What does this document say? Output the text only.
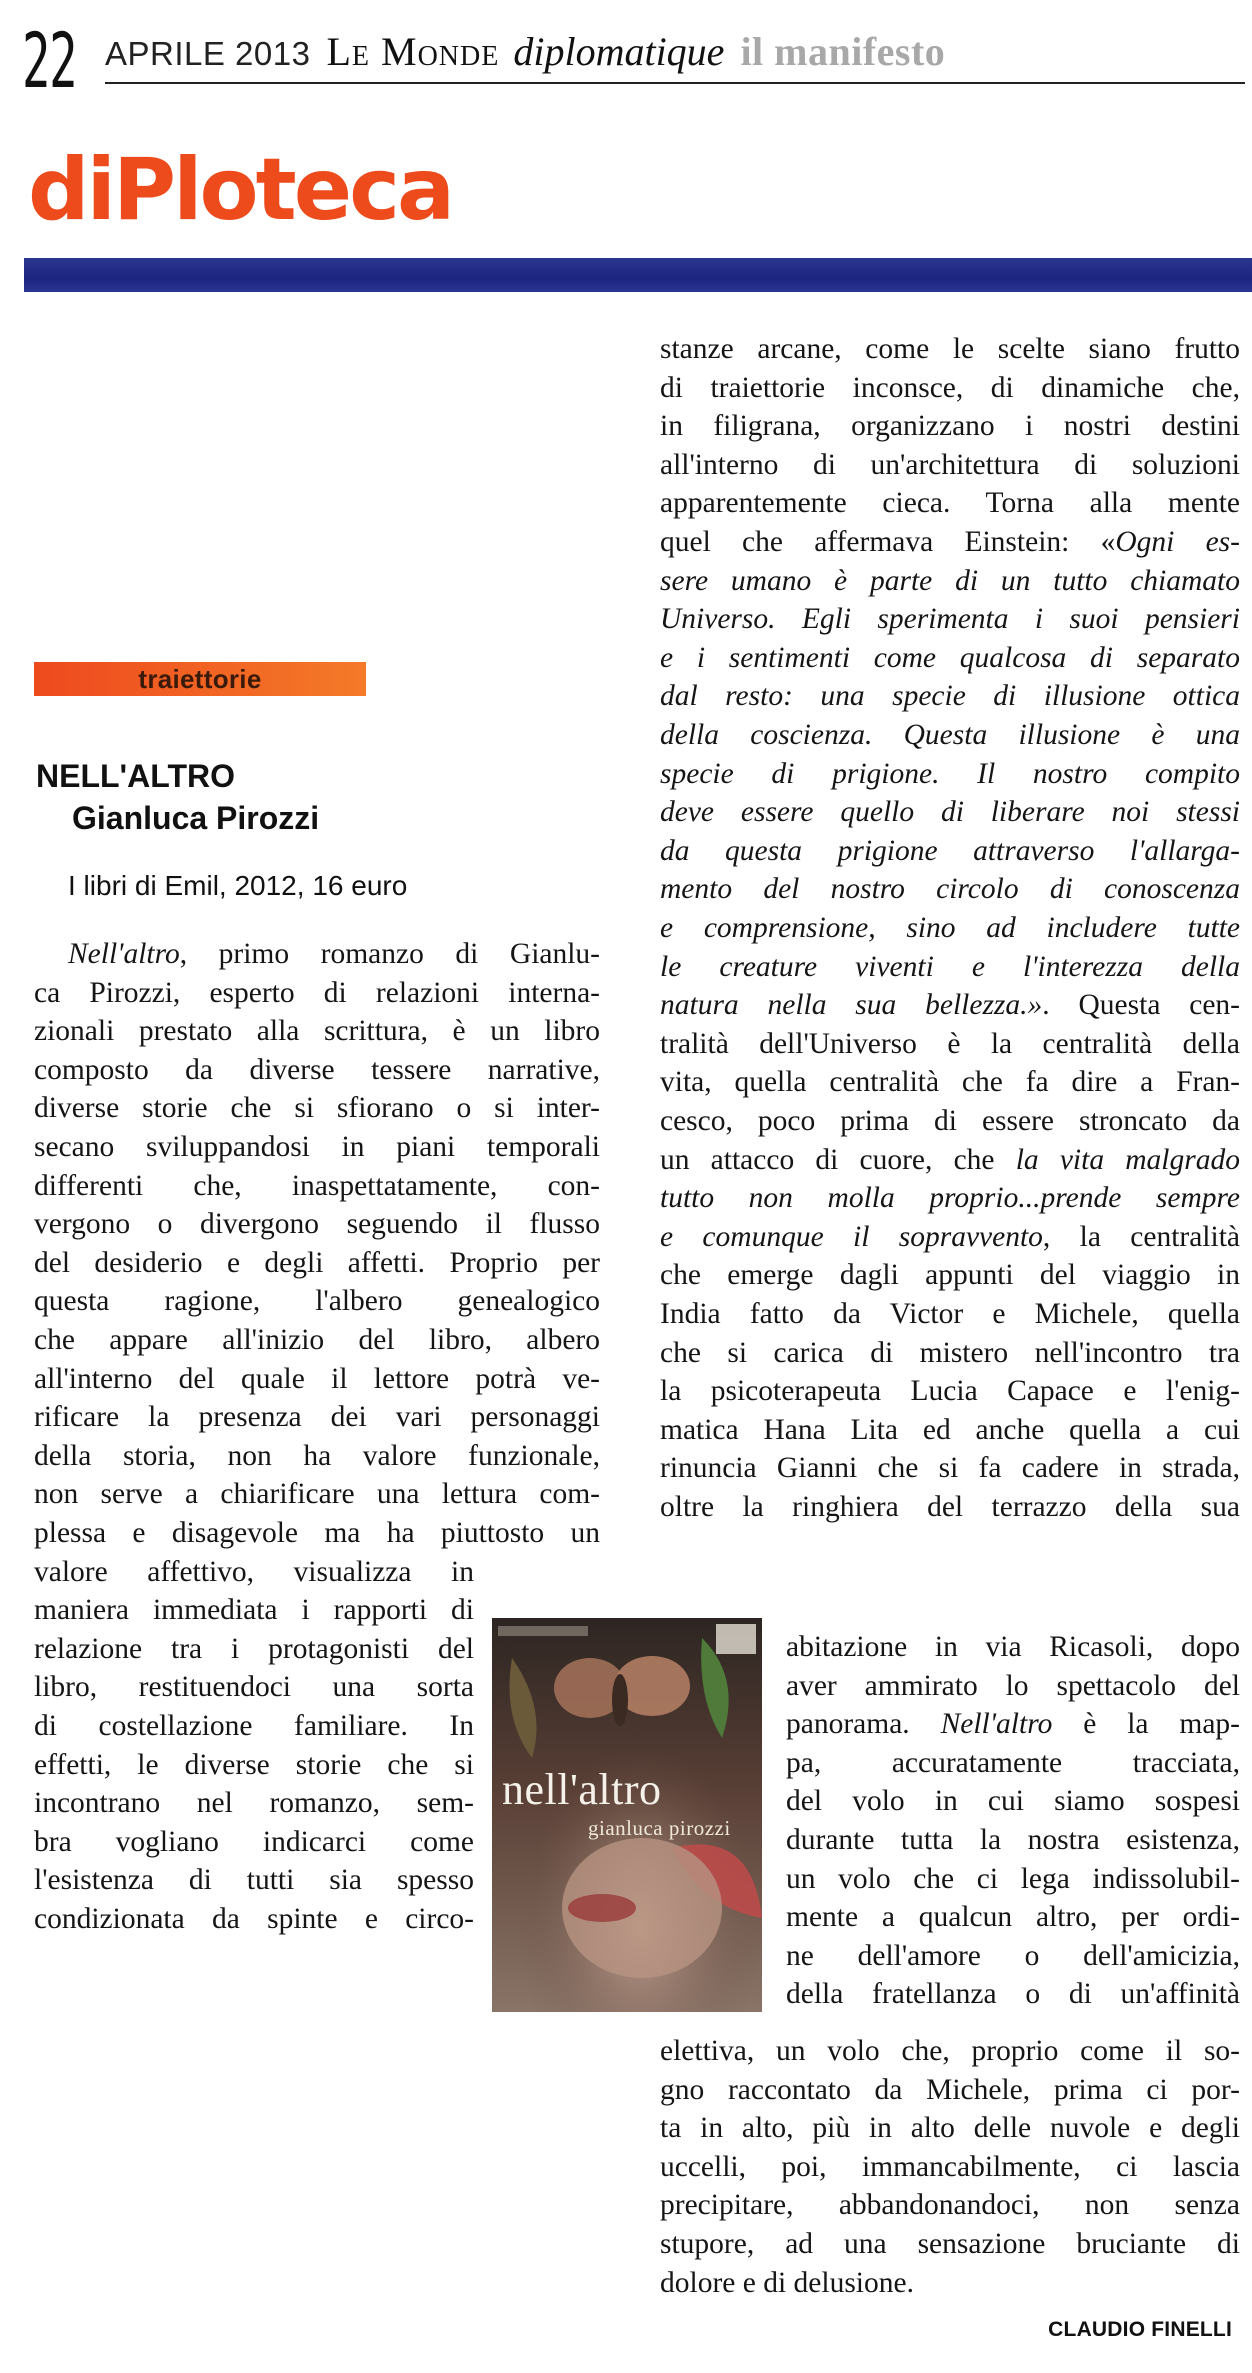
22 APRILE 2013 Le Monde diplomatique il manifesto
diPloteca
traiettorie
NELL'ALTRO
Gianluca Pirozzi
I libri di Emil, 2012, 16 euro
Nell'altro, primo romanzo di Gianlu-
ca Pirozzi, esperto di relazioni interna-
zionali prestato alla scrittura, è un libro
composto da diverse tessere narrative,
diverse storie che si sfiorano o si inter-
secano sviluppandosi in piani temporali
differenti che, inaspettatamente, con-
vergono o divergono seguendo il flusso
del desiderio e degli affetti. Proprio per
questa ragione, l'albero genealogico
che appare all'inizio del libro, albero
all'interno del quale il lettore potrà ve-
rificare la presenza dei vari personaggi
della storia, non ha valore funzionale,
non serve a chiarificare una lettura com-
plessa e disagevole ma ha piuttosto un
valore affettivo, visualizza in
maniera immediata i rapporti di
relazione tra i protagonisti del
libro, restituendoci una sorta
di costellazione familiare. In
effetti, le diverse storie che si
incontrano nel romanzo, sem-
bra vogliano indicarci come
l'esistenza di tutti sia spesso
condizionata da spinte e circo-
stanze arcane, come le scelte siano frutto
di traiettorie inconsce, di dinamiche che,
in filigrana, organizzano i nostri destini
all'interno di un'architettura di soluzioni
apparentemente cieca. Torna alla mente
quel che affermava Einstein: «Ogni es-
sere umano è parte di un tutto chiamato
Universo. Egli sperimenta i suoi pensieri
e i sentimenti come qualcosa di separato
dal resto: una specie di illusione ottica
della coscienza. Questa illusione è una
specie di prigione. Il nostro compito
deve essere quello di liberare noi stessi
da questa prigione attraverso l'allarga-
mento del nostro circolo di conoscenza
e comprensione, sino ad includere tutte
le creature viventi e l'interezza della
natura nella sua bellezza.». Questa cen-
tralità dell'Universo è la centralità della
vita, quella centralità che fa dire a Fran-
cesco, poco prima di essere stroncato da
un attacco di cuore, che la vita malgrado
tutto non molla proprio...prende sempre
e comunque il sopravvento, la centralità
che emerge dagli appunti del viaggio in
India fatto da Victor e Michele, quella
che si carica di mistero nell'incontro tra
la psicoterapeuta Lucia Capace e l'enig-
matica Hana Lita ed anche quella a cui
rinuncia Gianni che si fa cadere in strada,
oltre la ringhiera del terrazzo della sua
abitazione in via Ricasoli, dopo
aver ammirato lo spettacolo del
panorama. Nell'altro è la map-
pa, accuratamente tracciata,
del volo in cui siamo sospesi
durante tutta la nostra esistenza,
un volo che ci lega indissolubil-
mente a qualcun altro, per ordi-
ne dell'amore o dell'amicizia,
della fratellanza o di un'affinità
elettiva, un volo che, proprio come il so-
gno raccontato da Michele, prima ci por-
ta in alto, più in alto delle nuvole e degli
uccelli, poi, immancabilmente, ci lascia
precipitare, abbandonandoci, non senza
stupore, ad una sensazione bruciante di
dolore e di delusione.
nell'altro
gianluca pirozzi
CLAUDIO FINELLI
